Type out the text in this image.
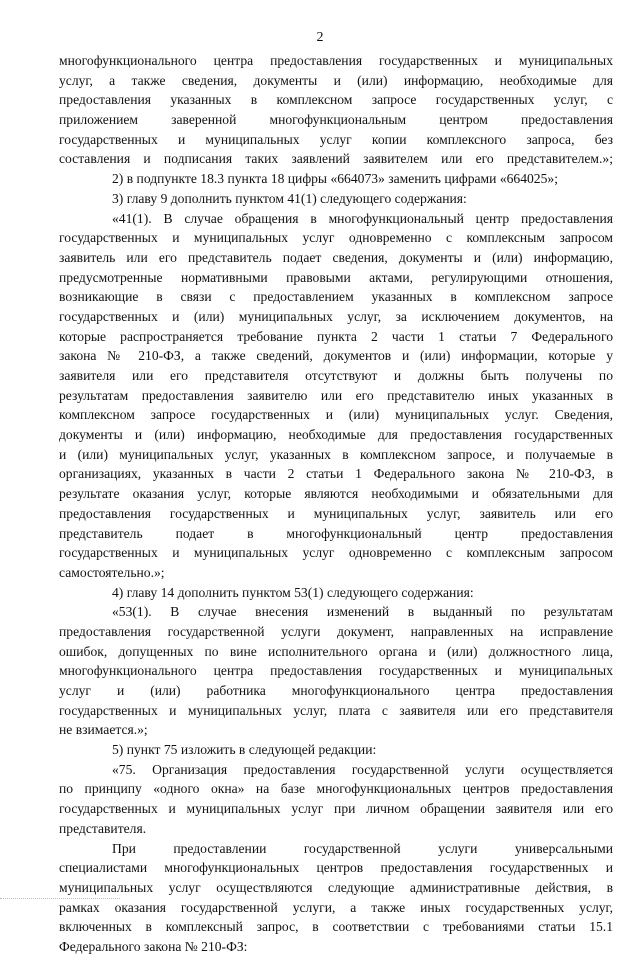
2
многофункционального центра предоставления государственных и муниципальных
услуг, а также сведения, документы и (или) информацию, необходимые для
предоставления указанных в комплексном запросе государственных услуг, с
приложением заверенной многофункциональным центром предоставления
государственных и муниципальных услуг копии комплексного запроса, без
составления и подписания таких заявлений заявителем или его представителем.»;
2) в подпункте 18.3 пункта 18 цифры «664073» заменить цифрами «664025»;
3) главу 9 дополнить пунктом 41(1) следующего содержания:
«41(1). В случае обращения в многофункциональный центр предоставления
государственных и муниципальных услуг одновременно с комплексным запросом
заявитель или его представитель подает сведения, документы и (или) информацию,
предусмотренные нормативными правовыми актами, регулирующими отношения,
возникающие в связи с предоставлением указанных в комплексном запросе
государственных и (или) муниципальных услуг, за исключением документов, на
которые распространяется требование пункта 2 части 1 статьи 7 Федерального
закона № 210-ФЗ, а также сведений, документов и (или) информации, которые у
заявителя или его представителя отсутствуют и должны быть получены по
результатам предоставления заявителю или его представителю иных указанных в
комплексном запросе государственных и (или) муниципальных услуг. Сведения,
документы и (или) информацию, необходимые для предоставления государственных
и (или) муниципальных услуг, указанных в комплексном запросе, и получаемые в
организациях, указанных в части 2 статьи 1 Федерального закона № 210-ФЗ, в
результате оказания услуг, которые являются необходимыми и обязательными для
предоставления государственных и муниципальных услуг, заявитель или его
представитель подает в многофункциональный центр предоставления
государственных и муниципальных услуг одновременно с комплексным запросом
самостоятельно.»;
4) главу 14 дополнить пунктом 53(1) следующего содержания:
«53(1). В случае внесения изменений в выданный по результатам
предоставления государственной услуги документ, направленных на исправление
ошибок, допущенных по вине исполнительного органа и (или) должностного лица,
многофункционального центра предоставления государственных и муниципальных
услуг и (или) работника многофункционального центра предоставления
государственных и муниципальных услуг, плата с заявителя или его представителя
не взимается.»;
5) пункт 75 изложить в следующей редакции:
«75. Организация предоставления государственной услуги осуществляется
по принципу «одного окна» на базе многофункциональных центров предоставления
государственных и муниципальных услуг при личном обращении заявителя или его
представителя.
При предоставлении государственной услуги универсальными
специалистами многофункциональных центров предоставления государственных и
муниципальных услуг осуществляются следующие административные действия, в
рамках оказания государственной услуги, а также иных государственных услуг,
включенных в комплексный запрос, в соответствии с требованиями статьи 15.1
Федерального закона № 210-ФЗ:
